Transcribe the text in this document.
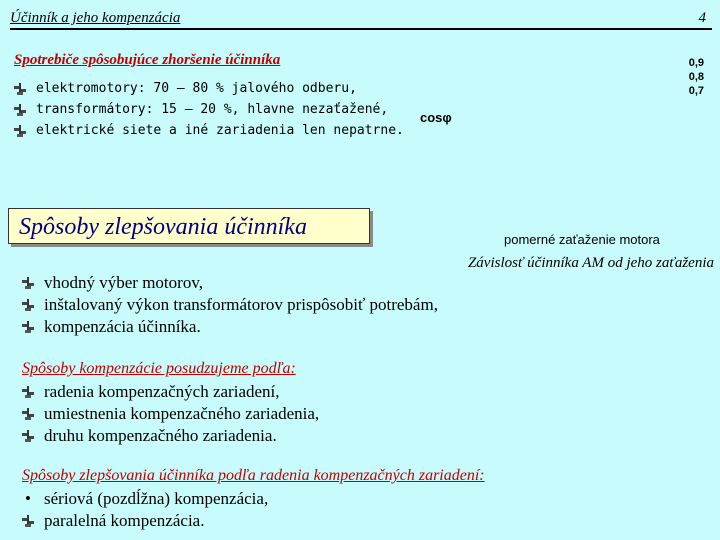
Účinník a jeho kompenzácia	4
Spotrebiče spôsobujúce zhoršenie účinníka
elektromotory: 70 – 80 % jalového odberu,
transformátory: 15 – 20 %, hlavne nezaťažené,
elektrické siete a iné zariadenia len nepatrne.
0,9
0,8
0,7
cosφ
pomerné zaťaženie motora
Závislosť účinníka AM od jeho zaťaženia
Spôsoby zlepšovania účinníka
vhodný výber motorov,
inštalovaný výkon transformátorov prispôsobiť potrebám,
kompenzácia účinníka.
Spôsoby kompenzácie posudzujeme podľa:
radenia kompenzačných zariadení,
umiestnenia kompenzačného zariadenia,
druhu kompenzačného zariadenia.
Spôsoby zlepšovania účinníka podľa radenia kompenzačných zariadení:
• sériová (pozdĺžna) kompenzácia,
paralelná kompenzácia.
